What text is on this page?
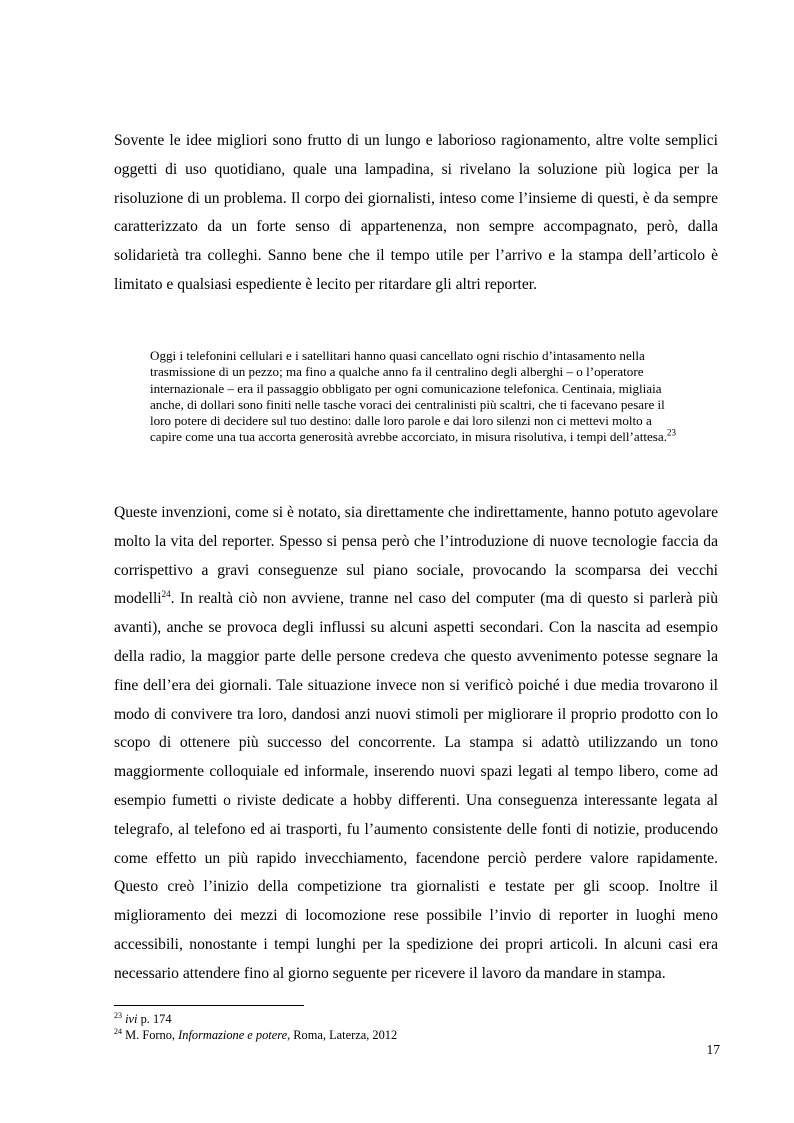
Sovente le idee migliori sono frutto di un lungo e laborioso ragionamento, altre volte semplici oggetti di uso quotidiano, quale una lampadina, si rivelano la soluzione più logica per la risoluzione di un problema. Il corpo dei giornalisti, inteso come l’insieme di questi, è da sempre caratterizzato da un forte senso di appartenenza, non sempre accompagnato, però, dalla solidarietà tra colleghi. Sanno bene che il tempo utile per l’arrivo e la stampa dell’articolo è limitato e qualsiasi espediente è lecito per ritardare gli altri reporter.

Oggi i telefonini cellulari e i satellitari hanno quasi cancellato ogni rischio d’intasamento nella trasmissione di un pezzo; ma fino a qualche anno fa il centralino degli alberghi – o l’operatore internazionale – era il passaggio obbligato per ogni comunicazione telefonica. Centinaia, migliaia anche, di dollari sono finiti nelle tasche voraci dei centralinisti più scaltri, che ti facevano pesare il loro potere di decidere sul tuo destino: dalle loro parole e dai loro silenzi non ci mettevi molto a capire come una tua accorta generosità avrebbe accorciato, in misura risolutiva, i tempi dell’attesa.$^{23}$

Queste invenzioni, come si è notato, sia direttamente che indirettamente, hanno potuto agevolare molto la vita del reporter. Spesso si pensa però che l’introduzione di nuove tecnologie faccia da corrispettivo a gravi conseguenze sul piano sociale, provocando la scomparsa dei vecchi modelli$^{24}$. In realtà ciò non avviene, tranne nel caso del computer (ma di questo si parlerà più avanti), anche se provoca degli influssi su alcuni aspetti secondari. Con la nascita ad esempio della radio, la maggior parte delle persone credeva che questo avvenimento potesse segnare la fine dell’era dei giornali. Tale situazione invece non si verificò poiché i due media trovarono il modo di convivere tra loro, dandosi anzi nuovi stimoli per migliorare il proprio prodotto con lo scopo di ottenere più successo del concorrente. La stampa si adattò utilizzando un tono maggiormente colloquiale ed informale, inserendo nuovi spazi legati al tempo libero, come ad esempio fumetti o riviste dedicate a hobby differenti. Una conseguenza interessante legata al telegrafo, al telefono ed ai trasporti, fu l’aumento consistente delle fonti di notizie, producendo come effetto un più rapido invecchiamento, facendone perciò perdere valore rapidamente. Questo creò l’inizio della competizione tra giornalisti e testate per gli scoop. Inoltre il miglioramento dei mezzi di locomozione rese possibile l’invio di reporter in luoghi meno accessibili, nonostante i tempi lunghi per la spedizione dei propri articoli. In alcuni casi era necessario attendere fino al giorno seguente per ricevere il lavoro da mandare in stampa.

$^{23}$ ivi p. 174

$^{24}$ M. Forno, Informazione e potere, Roma, Laterza, 2012

17
